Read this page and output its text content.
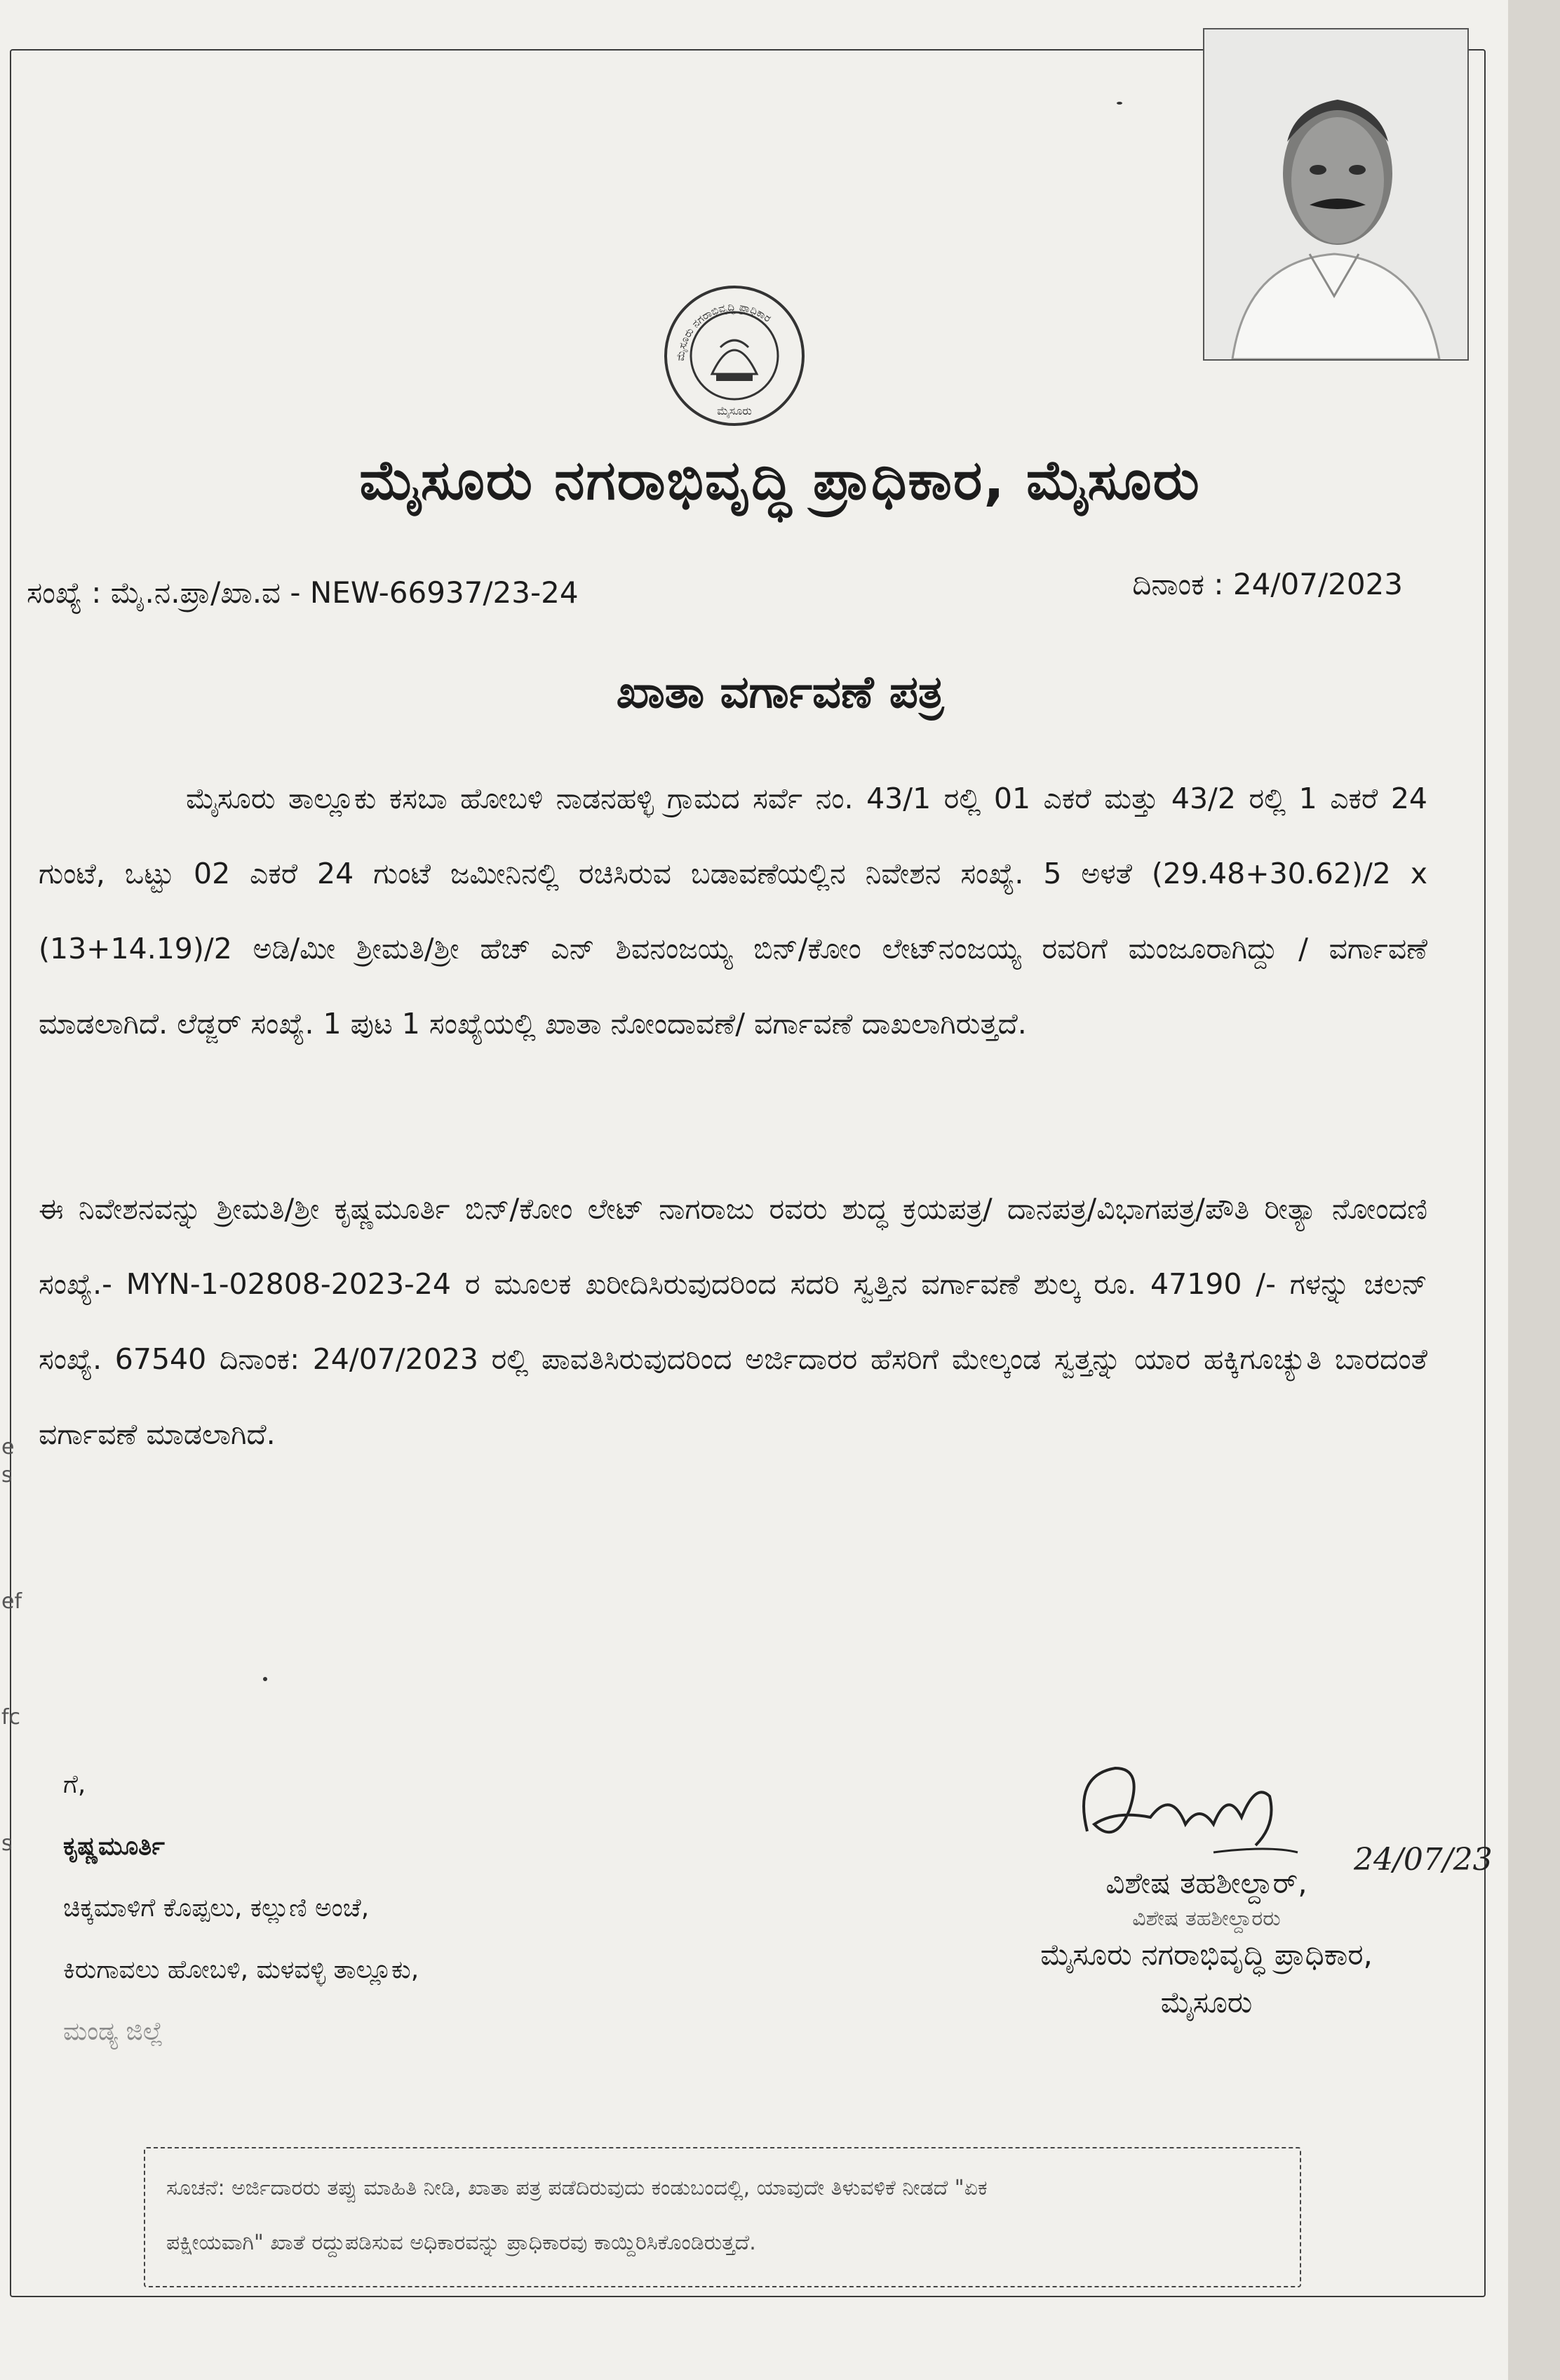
ಮೈಸೂರು ನಗರಾಭಿವೃದ್ಧಿ ಪ್ರಾಧಿಕಾರ
ಮೈಸೂರು
ಮೈಸೂರು ನಗರಾಭಿವೃದ್ಧಿ ಪ್ರಾಧಿಕಾರ, ಮೈಸೂರು
ಸಂಖ್ಯೆ : ಮೈ.ನ.ಪ್ರಾ/ಖಾ.ವ - NEW-66937/23-24	ದಿನಾಂಕ : 24/07/2023
ಖಾತಾ ವರ್ಗಾವಣೆ ಪತ್ರ
ಮೈಸೂರು ತಾಲ್ಲೂಕು ಕಸಬಾ ಹೋಬಳಿ ನಾಡನಹಳ್ಳಿ ಗ್ರಾಮದ ಸರ್ವೆ ನಂ. 43/1 ರಲ್ಲಿ 01 ಎಕರೆ ಮತ್ತು 43/2 ರಲ್ಲಿ 1 ಎಕರೆ 24 ಗುಂಟೆ, ಒಟ್ಟು 02 ಎಕರೆ 24 ಗುಂಟೆ ಜಮೀನಿನಲ್ಲಿ ರಚಿಸಿರುವ ಬಡಾವಣೆಯಲ್ಲಿನ ನಿವೇಶನ ಸಂಖ್ಯೆ. 5 ಅಳತೆ (29.48+30.62)/2 x (13+14.19)/2 ಅಡಿ/ಮೀ ಶ್ರೀಮತಿ/ಶ್ರೀ ಹೆಚ್ ಎನ್ ಶಿವನಂಜಯ್ಯ ಬಿನ್/ಕೋಂ ಲೇಟ್‌ನಂಜಯ್ಯ ರವರಿಗೆ ಮಂಜೂರಾಗಿದ್ದು / ವರ್ಗಾವಣೆ ಮಾಡಲಾಗಿದೆ. ಲೆಡ್ಜರ್ ಸಂಖ್ಯೆ. 1 ಪುಟ 1 ಸಂಖ್ಯೆಯಲ್ಲಿ ಖಾತಾ ನೋಂದಾವಣೆ/ ವರ್ಗಾವಣೆ ದಾಖಲಾಗಿರುತ್ತದೆ.
ಈ ನಿವೇಶನವನ್ನು ಶ್ರೀಮತಿ/ಶ್ರೀ ಕೃಷ್ಣಮೂರ್ತಿ ಬಿನ್/ಕೋಂ ಲೇಟ್ ನಾಗರಾಜು ರವರು ಶುದ್ಧ ಕ್ರಯಪತ್ರ/ ದಾನಪತ್ರ/ವಿಭಾಗಪತ್ರ/ಪೌತಿ ರೀತ್ಯಾ ನೋಂದಣಿ ಸಂಖ್ಯೆ.- MYN-1-02808-2023-24 ರ ಮೂಲಕ ಖರೀದಿಸಿರುವುದರಿಂದ ಸದರಿ ಸ್ವತ್ತಿನ ವರ್ಗಾವಣೆ ಶುಲ್ಕ ರೂ. 47190 /- ಗಳನ್ನು ಚಲನ್ ಸಂಖ್ಯೆ. 67540 ದಿನಾಂಕ: 24/07/2023 ರಲ್ಲಿ ಪಾವತಿಸಿರುವುದರಿಂದ ಅರ್ಜಿದಾರರ ಹೆಸರಿಗೆ ಮೇಲ್ಕಂಡ ಸ್ವತ್ತನ್ನು ಯಾರ ಹಕ್ಕಿಗೂಚ್ಯುತಿ ಬಾರದಂತೆ ವರ್ಗಾವಣೆ ಮಾಡಲಾಗಿದೆ.
ಗೆ,
ಕೃಷ್ಣಮೂರ್ತಿ
ಚಿಕ್ಕಮಾಳಿಗೆ ಕೊಪ್ಪಲು, ಕಲ್ಲುಣಿ ಅಂಚೆ,
ಕಿರುಗಾವಲು ಹೋಬಳಿ, ಮಳವಳ್ಳಿ ತಾಲ್ಲೂಕು,
ಮಂಡ್ಯ ಜಿಲ್ಲೆ
24/07/23
ವಿಶೇಷ ತಹಶೀಲ್ದಾರ್,
ವಿಶೇಷ ತಹಶೀಲ್ದಾರರು
ಮೈಸೂರು ನಗರಾಭಿವೃದ್ಧಿ ಪ್ರಾಧಿಕಾರ,
ಮೈಸೂರು
ಸೂಚನೆ: ಅರ್ಜಿದಾರರು ತಪ್ಪು ಮಾಹಿತಿ ನೀಡಿ, ಖಾತಾ ಪತ್ರ ಪಡೆದಿರುವುದು ಕಂಡುಬಂದಲ್ಲಿ, ಯಾವುದೇ ತಿಳುವಳಿಕೆ ನೀಡದೆ "ಏಕ
ಪಕ್ಷೀಯವಾಗಿ" ಖಾತೆ ರದ್ದುಪಡಿಸುವ ಅಧಿಕಾರವನ್ನು ಪ್ರಾಧಿಕಾರವು ಕಾಯ್ದಿರಿಸಿಕೊಂಡಿರುತ್ತದೆ.
e
s
ef
fc
s
